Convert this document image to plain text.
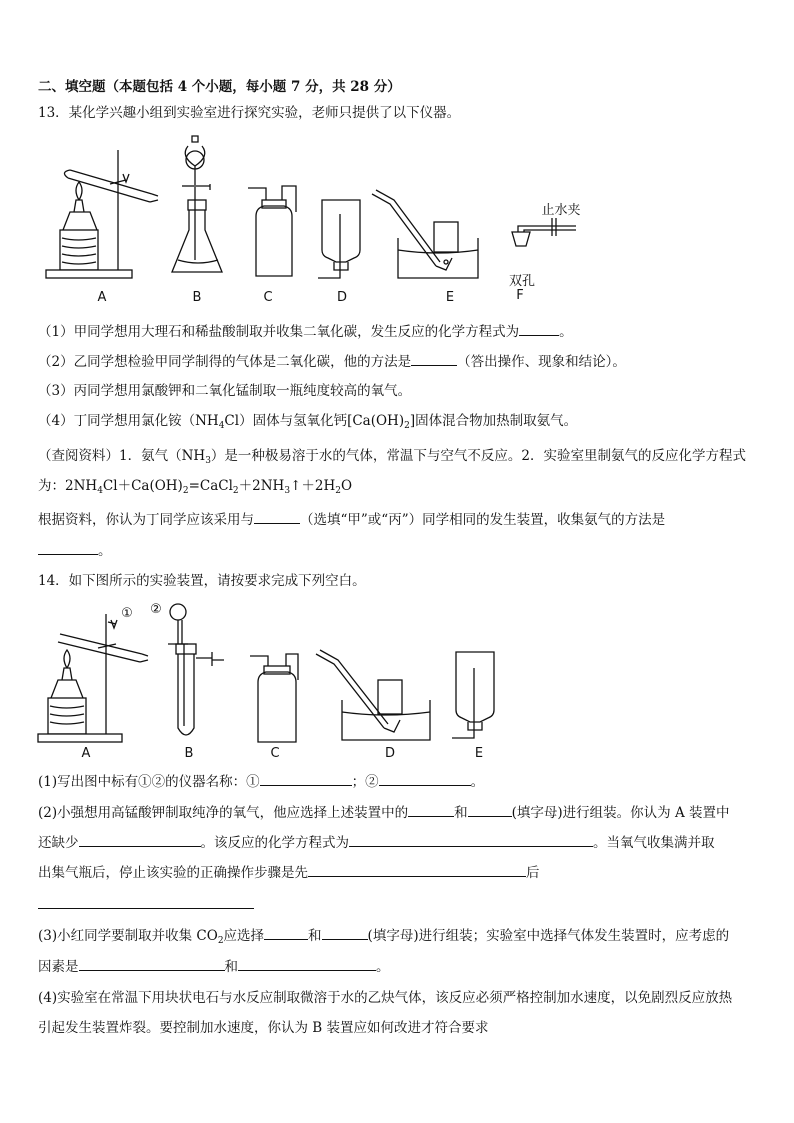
二、填空题（本题包括 4 个小题，每小题 7 分，共 28 分）
13．某化学兴趣小组到实验室进行探究实验，老师只提供了以下仪器。
A	B	C	D	E
止水夹
双孔
F
（1）甲同学想用大理石和稀盐酸制取并收集二氧化碳，发生反应的化学方程式为	。
（2）乙同学想检验甲同学制得的气体是二氧化碳，他的方法是	（答出操作、现象和结论）。
（3）丙同学想用氯酸钾和二氧化锰制取一瓶纯度较高的氧气。
（4）丁同学想用氯化铵$(NH_4Cl)$固体与氢氧化钙$[Ca(OH)_2]$固体混合物加热制取氨气。
（查阅资料）1．氨气$(NH_3)$是一种极易溶于水的气体，常温下与空气不反应。2．实验室里制氨气的反应化学方程式
为：$2NH_4Cl+Ca(OH)_2=CaCl_2+2NH_3↑+2H_2O$
根据资料，你认为丁同学应该采用与	（选填“甲”或“丙”）同学相同的发生装置，收集氨气的方法是
。
14．如下图所示的实验装置，请按要求完成下列空白。
① ②
A	B	C	D	E
(1)写出图中标有①②的仪器名称：①	；②	。
(2)小强想用高锰酸钾制取纯净的氧气，他应选择上述装置中的	和	(填字母)进行组装。你认为 A 装置中
还缺少	。该反应的化学方程式为	。当氧气收集满并取
出集气瓶后，停止该实验的正确操作步骤是先	后
(3)小红同学要制取并收集 $CO_2$应选择	和	(填字母)进行组装；实验室中选择气体发生装置时，应考虑的
因素是	和	。
(4)实验室在常温下用块状电石与水反应制取微溶于水的乙炔气体，该反应必须严格控制加水速度，以免剧烈反应放热
引起发生装置炸裂。要控制加水速度，你认为 B 装置应如何改进才符合要求
